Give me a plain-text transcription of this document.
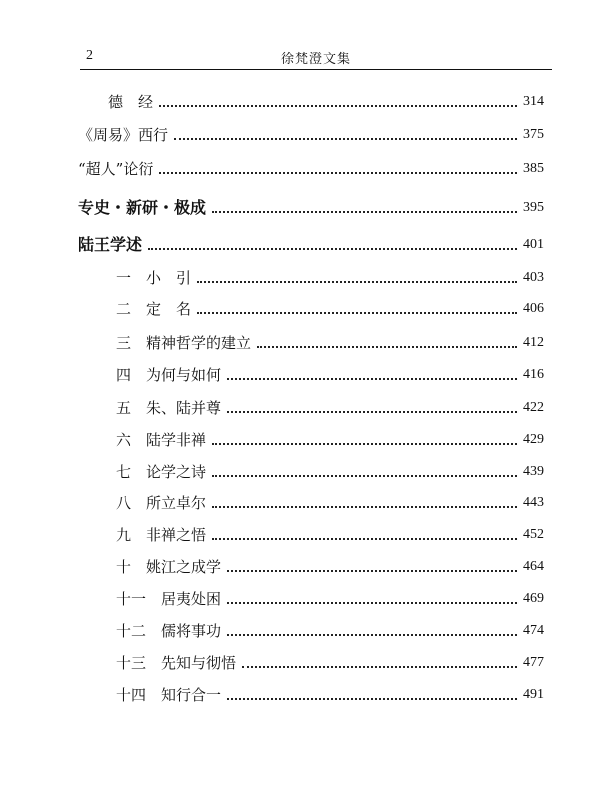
2	徐梵澄文集
德　经	314
《周易》西行	375
“超人”论衍	385
专史・新研・极成	395
陆王学述	401
一　小　引	403
二　定　名	406
三　精神哲学的建立	412
四　为何与如何	416
五　朱、陆并尊	422
六　陆学非禅	429
七　论学之诗	439
八　所立卓尔	443
九　非禅之悟	452
十　姚江之成学	464
十一　居夷处困	469
十二　儒将事功	474
十三　先知与彻悟	477
十四　知行合一	491
